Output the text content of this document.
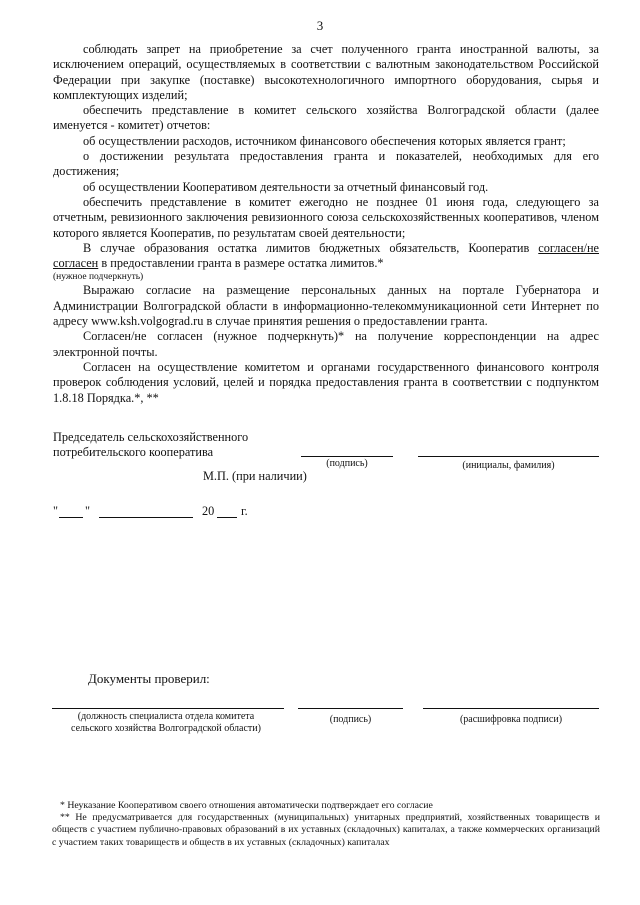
3

соблюдать запрет на приобретение за счет полученного гранта иностранной валюты, за исключением операций, осуществляемых в соответствии с валютным законодательством Российской Федерации при закупке (поставке) высокотехнологичного импортного оборудования, сырья и комплектующих изделий;

обеспечить представление в комитет сельского хозяйства Волгоградской области (далее именуется - комитет) отчетов:

об осуществлении расходов, источником финансового обеспечения которых является грант;

о достижении результата предоставления гранта и показателей, необходимых для его достижения;

об осуществлении Кооперативом деятельности за отчетный финансовый год.

обеспечить представление в комитет ежегодно не позднее 01 июня года, следующего за отчетным, ревизионного заключения ревизионного союза сельскохозяйственных кооперативов, членом которого является Кооператив, по результатам своей деятельности;

В случае образования остатка лимитов бюджетных обязательств, Кооператив согласен/не согласен в предоставлении гранта в размере остатка лимитов.*

(нужное подчеркнуть)

Выражаю согласие на размещение персональных данных на портале Губернатора и Администрации Волгоградской области в информационно-телекоммуникационной сети Интернет по адресу www.ksh.volgograd.ru в случае принятия решения о предоставлении гранта.

Согласен/не согласен (нужное подчеркнуть)* на получение корреспонденции на адрес электронной почты.

Согласен на осуществление комитетом и органами государственного финансового контроля проверок соблюдения условий, целей и порядка предоставления гранта в соответствии с подпунктом 1.8.18 Порядка.*, **

Председатель сельскохозяйственного
потребительского кооператива
(подпись)	(инициалы, фамилия)
М.П. (при наличии)
" "	20 г.
Документы проверил:
(должность специалиста отдела комитета сельского хозяйства Волгоградской области)
(подпись)	(расшифровка подписи)

* Неуказание Кооперативом своего отношения автоматически подтверждает его согласие

** Не предусматривается для государственных (муниципальных) унитарных предприятий, хозяйственных товариществ и обществ с участием публично-правовых образований в их уставных (складочных) капиталах, а также коммерческих организаций с участием таких товариществ и обществ в их уставных (складочных) капиталах
